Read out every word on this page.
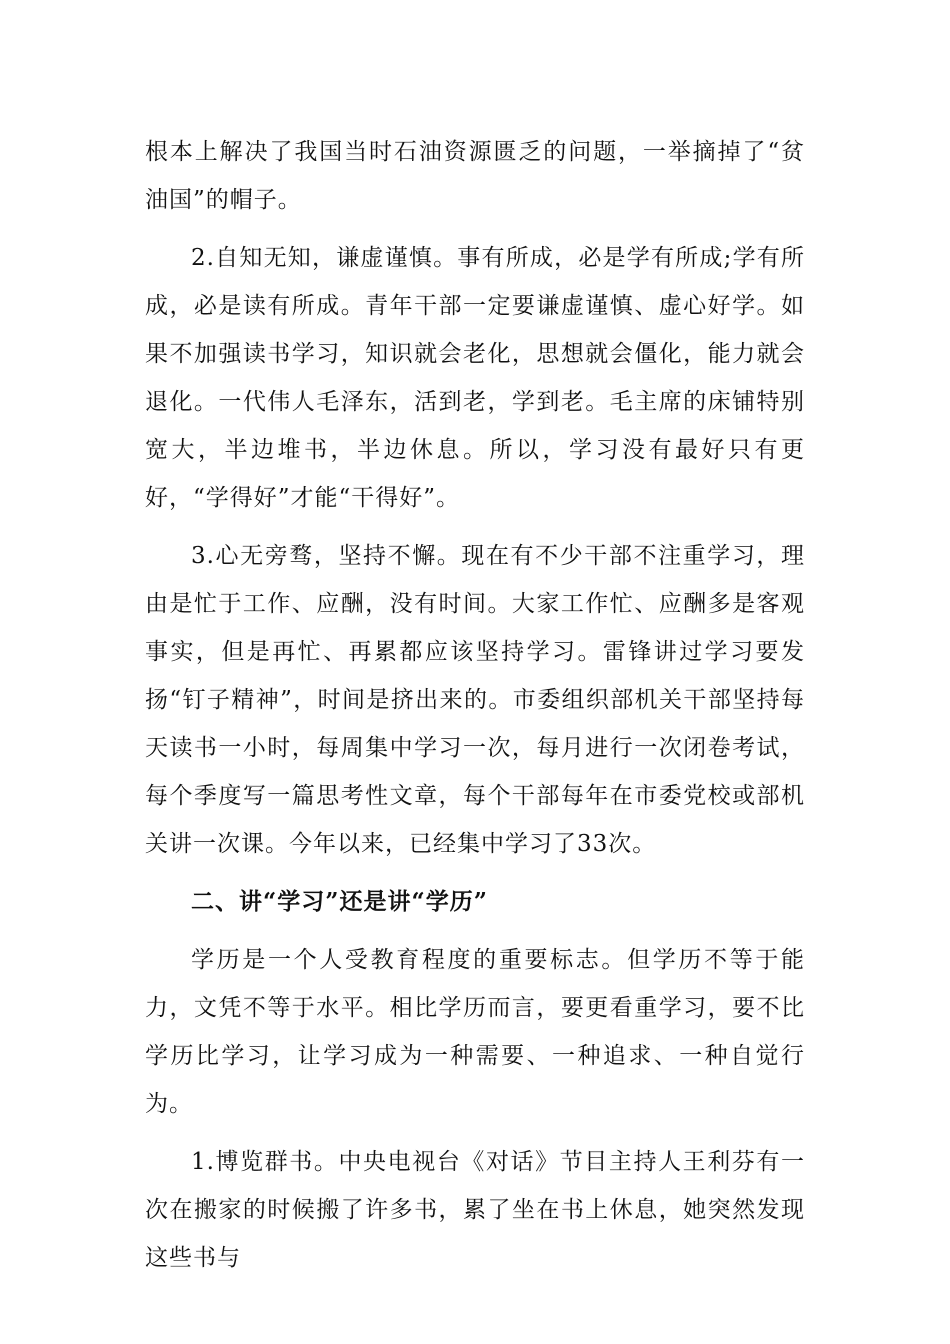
根本上解决了我国当时石油资源匮乏的问题，一举摘掉了“贫油国”的帽子。

2.自知无知，谦虚谨慎。事有所成，必是学有所成;学有所成，必是读有所成。青年干部一定要谦虚谨慎、虚心好学。如果不加强读书学习，知识就会老化，思想就会僵化，能力就会退化。一代伟人毛泽东，活到老，学到老。毛主席的床铺特别宽大，半边堆书，半边休息。所以，学习没有最好只有更好，“学得好”才能“干得好”。

3.心无旁骛，坚持不懈。现在有不少干部不注重学习，理由是忙于工作、应酬，没有时间。大家工作忙、应酬多是客观事实，但是再忙、再累都应该坚持学习。雷锋讲过学习要发扬“钉子精神”，时间是挤出来的。市委组织部机关干部坚持每天读书一小时，每周集中学习一次，每月进行一次闭卷考试，每个季度写一篇思考性文章，每个干部每年在市委党校或部机关讲一次课。今年以来，已经集中学习了33次。

二、讲“学习”还是讲“学历”

学历是一个人受教育程度的重要标志。但学历不等于能力，文凭不等于水平。相比学历而言，要更看重学习，要不比学历比学习，让学习成为一种需要、一种追求、一种自觉行为。

1.博览群书。中央电视台《对话》节目主持人王利芬有一次在搬家的时候搬了许多书，累了坐在书上休息，她突然发现这些书与
